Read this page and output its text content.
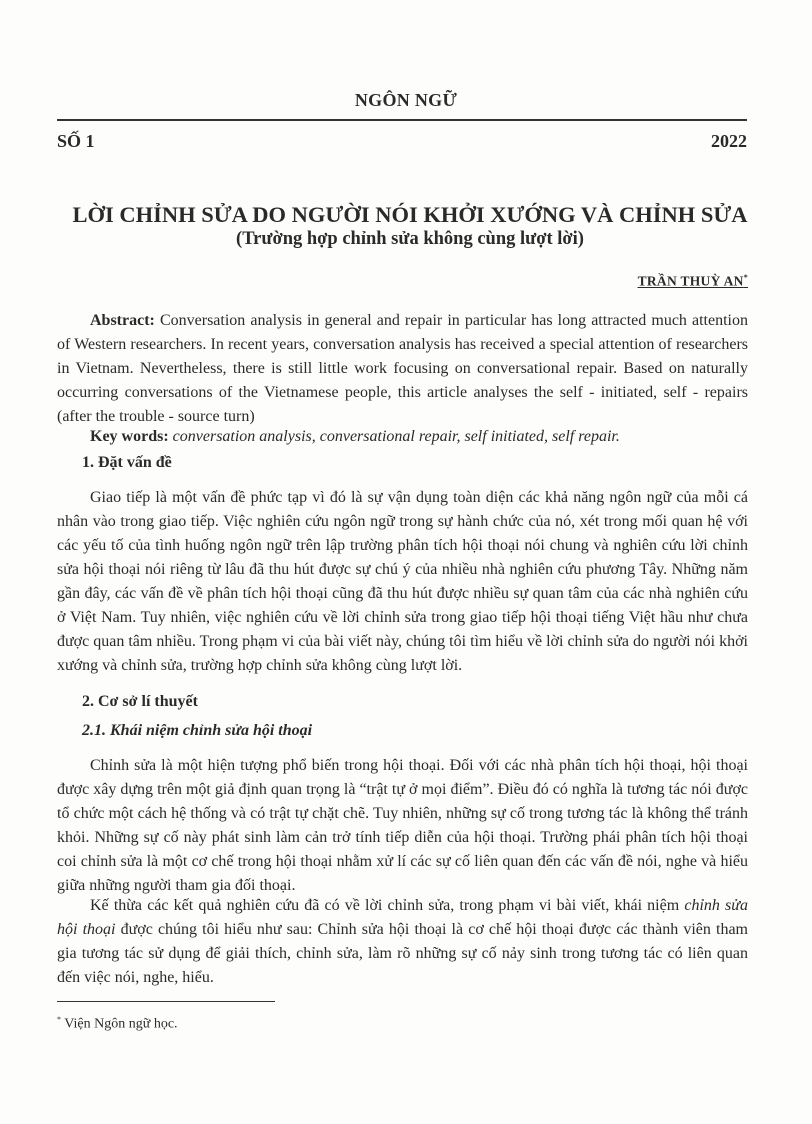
NGÔN NGỮ
SỐ 1	2022
LỜI CHỈNH SỬA DO NGƯỜI NÓI KHỞI XƯỚNG VÀ CHỈNH SỬA
(Trường hợp chỉnh sửa không cùng lượt lời)
TRẦN THUỲ AN*

Abstract: Conversation analysis in general and repair in particular has long attracted much attention of Western researchers. In recent years, conversation analysis has received a special attention of researchers in Vietnam. Nevertheless, there is still little work focusing on conversational repair. Based on naturally occurring conversations of the Vietnamese people, this article analyses the self - initiated, self - repairs (after the trouble - source turn)

Key words: conversation analysis, conversational repair, self initiated, self repair.

1. Đặt vấn đề

Giao tiếp là một vấn đề phức tạp vì đó là sự vận dụng toàn diện các khả năng ngôn ngữ của mỗi cá nhân vào trong giao tiếp. Việc nghiên cứu ngôn ngữ trong sự hành chức của nó, xét trong mối quan hệ với các yếu tố của tình huống ngôn ngữ trên lập trường phân tích hội thoại nói chung và nghiên cứu lời chỉnh sửa hội thoại nói riêng từ lâu đã thu hút được sự chú ý của nhiều nhà nghiên cứu phương Tây. Những năm gần đây, các vấn đề về phân tích hội thoại cũng đã thu hút được nhiều sự quan tâm của các nhà nghiên cứu ở Việt Nam. Tuy nhiên, việc nghiên cứu về lời chỉnh sửa trong giao tiếp hội thoại tiếng Việt hầu như chưa được quan tâm nhiều. Trong phạm vi của bài viết này, chúng tôi tìm hiểu về lời chỉnh sửa do người nói khởi xướng và chỉnh sửa, trường hợp chỉnh sửa không cùng lượt lời.

2. Cơ sở lí thuyết
2.1. Khái niệm chỉnh sửa hội thoại

Chỉnh sửa là một hiện tượng phổ biến trong hội thoại. Đối với các nhà phân tích hội thoại, hội thoại được xây dựng trên một giả định quan trọng là “trật tự ở mọi điểm”. Điều đó có nghĩa là tương tác nói được tổ chức một cách hệ thống và có trật tự chặt chẽ. Tuy nhiên, những sự cố trong tương tác là không thể tránh khỏi. Những sự cố này phát sinh làm cản trở tính tiếp diễn của hội thoại. Trường phái phân tích hội thoại coi chỉnh sửa là một cơ chế trong hội thoại nhằm xử lí các sự cố liên quan đến các vấn đề nói, nghe và hiểu giữa những người tham gia đối thoại.

Kế thừa các kết quả nghiên cứu đã có về lời chỉnh sửa, trong phạm vi bài viết, khái niệm chỉnh sửa hội thoại được chúng tôi hiểu như sau: Chỉnh sửa hội thoại là cơ chế hội thoại được các thành viên tham gia tương tác sử dụng để giải thích, chỉnh sửa, làm rõ những sự cố nảy sinh trong tương tác có liên quan đến việc nói, nghe, hiểu.

* Viện Ngôn ngữ học.
